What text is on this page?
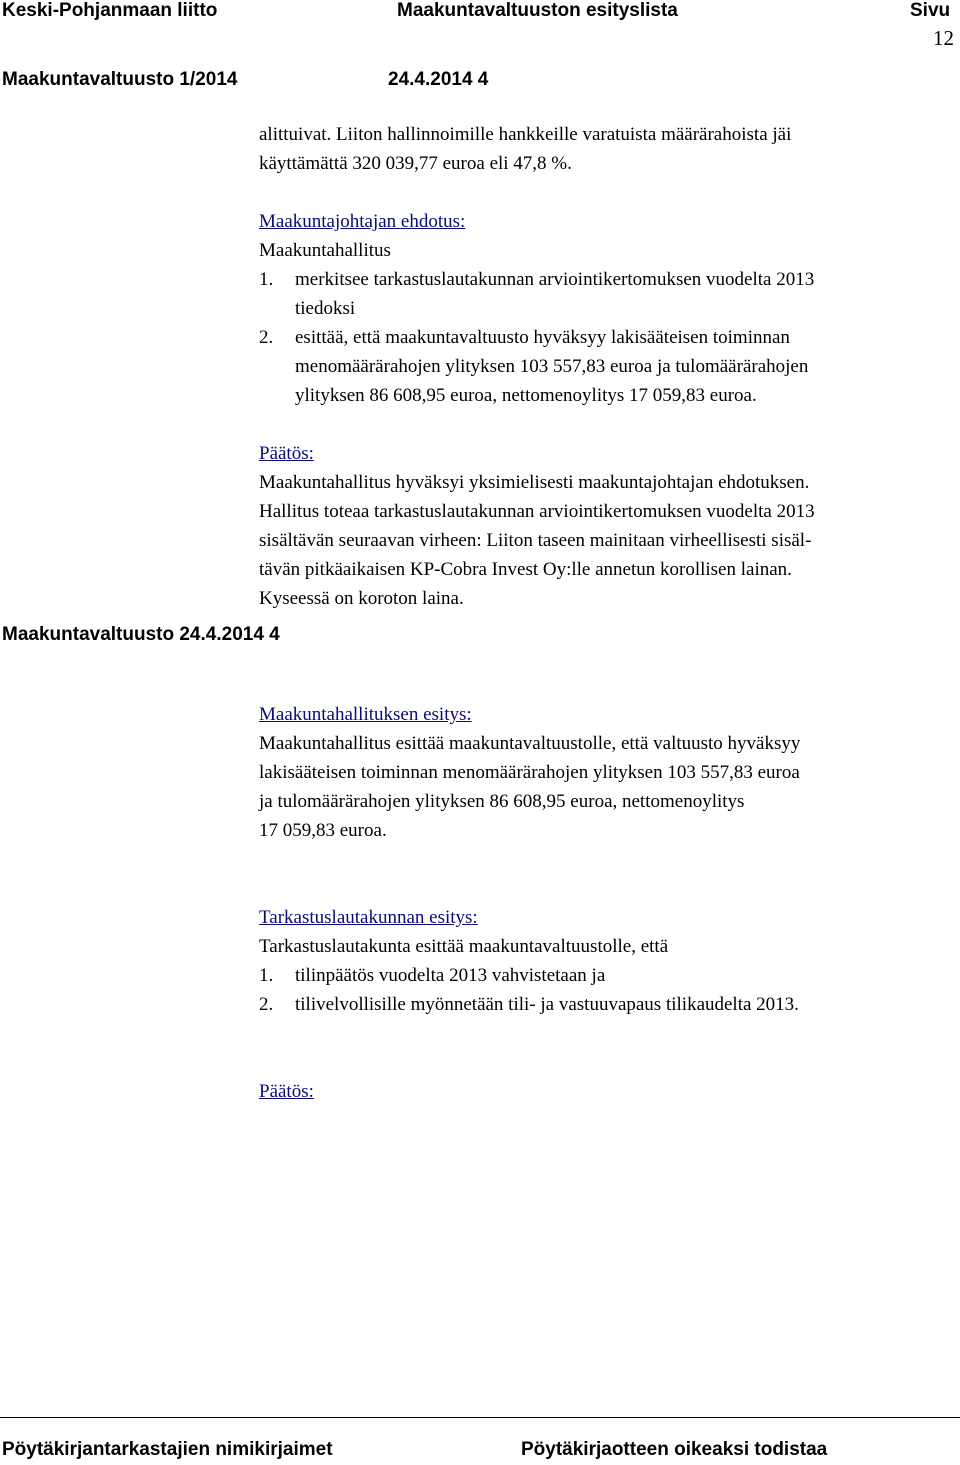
Keski-Pohjanmaan liitto	Maakuntavaltuuston esityslista	Sivu
12
Maakuntavaltuusto 1/2014	24.4.2014 4
Maakuntavaltuusto 24.4.2014 4

alittuivat. Liiton hallinnoimille hankkeille varatuista määrärahoista jäi

käyttämättä 320 039,77 euroa eli 47,8 %.

Maakuntajohtajan ehdotus:

Maakuntahallitus

1.	merkitsee tarkastuslautakunnan arviointikertomuksen vuodelta 2013
tiedoksi
2.	esittää, että maakuntavaltuusto hyväksyy lakisääteisen toiminnan
menomäärärahojen ylityksen 103 557,83 euroa ja tulomäärärahojen
ylityksen 86 608,95 euroa, nettomenoylitys 17 059,83 euroa.

Päätös:

Maakuntahallitus hyväksyi yksimielisesti maakuntajohtajan ehdotuksen.

Hallitus toteaa tarkastuslautakunnan arviointikertomuksen vuodelta 2013

sisältävän seuraavan virheen: Liiton taseen mainitaan virheellisesti sisäl-

tävän pitkäaikaisen KP-Cobra Invest Oy:lle annetun korollisen lainan.

Kyseessä on koroton laina.

Maakuntahallituksen esitys:

Maakuntahallitus esittää maakuntavaltuustolle, että valtuusto hyväksyy

lakisääteisen toiminnan menomäärärahojen ylityksen 103 557,83 euroa

ja tulomäärärahojen ylityksen 86 608,95 euroa, nettomenoylitys

17 059,83 euroa.

Tarkastuslautakunnan esitys:

Tarkastuslautakunta esittää maakuntavaltuustolle, että

1.	tilinpäätös vuodelta 2013 vahvistetaan ja
2.	tilivelvollisille myönnetään tili- ja vastuuvapaus tilikaudelta 2013.

Päätös:

Pöytäkirjantarkastajien nimikirjaimet	Pöytäkirjaotteen oikeaksi todistaa
